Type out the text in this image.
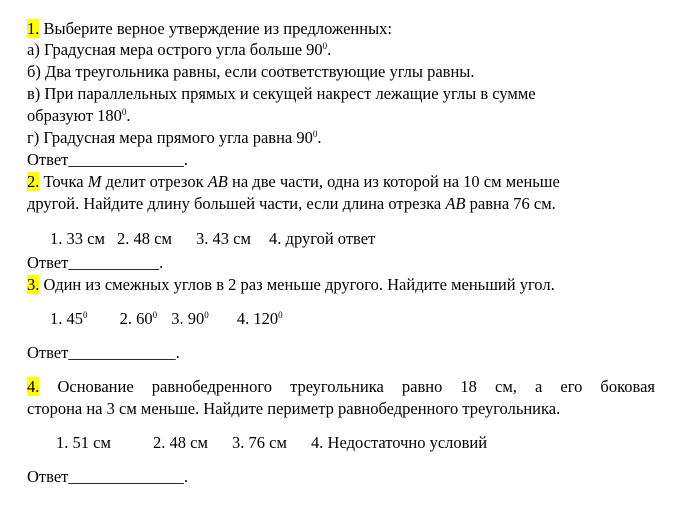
1. Выберите верное утверждение из предложенных:
а) Градусная мера острого угла больше $90^0$.
б) Два треугольника равны, если соответствующие углы равны.
в) При параллельных прямых и секущей накрест лежащие углы в сумме
образуют $180^0$.
г) Градусная мера прямого угла равна $90^0$.
Ответ______________.
2. Точка М делит отрезок АВ на две части, одна из которой на 10 см меньше
другой. Найдите длину большей части, если длина отрезка АВ равна 76 см.
1. 33 см 2. 48 см 3. 43 см 4. другой ответ
Ответ___________.
3. Один из смежных углов в 2 раз меньше другого. Найдите меньший угол.
1. $45^0$ 2. $60^0$ 3. $90^0$ 4. $120^0$
Ответ_____________.
4. Основание равнобедренного треугольника равно 18 см, а его боковая
сторона на 3 см меньше. Найдите периметр равнобедренного треугольника.
1. 51 см	2. 48 см 3. 76 см 4. Недостаточно условий
Ответ______________.
